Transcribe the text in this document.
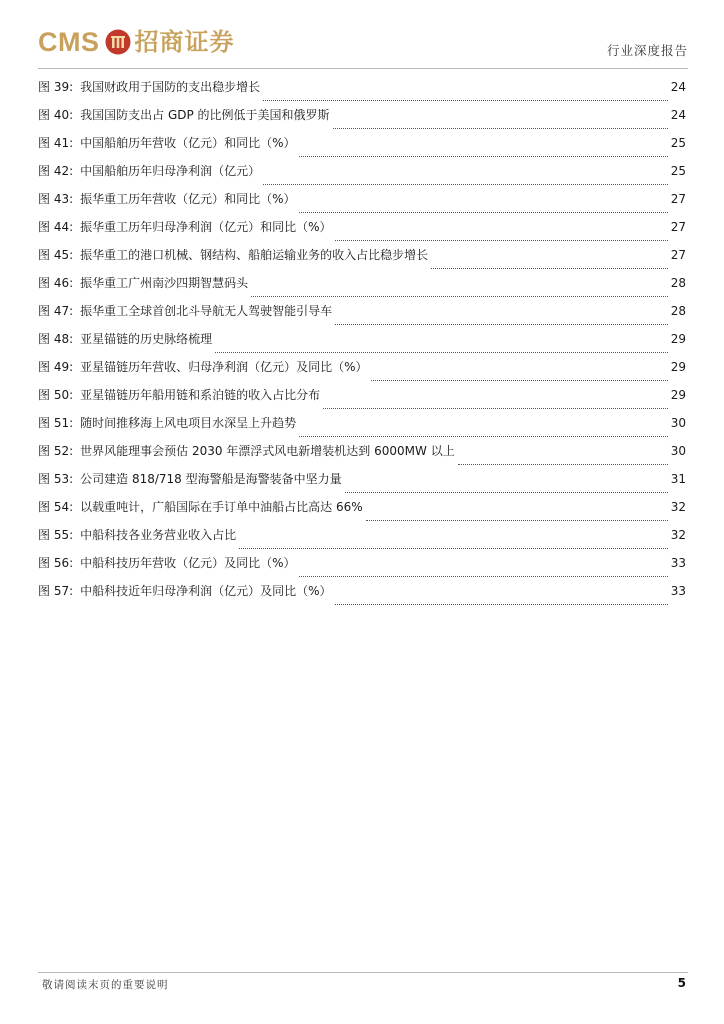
CMS 招商证券	行业深度报告
图 39: 我国财政用于国防的支出稳步增长	24
图 40: 我国国防支出占 GDP 的比例低于美国和俄罗斯	24
图 41: 中国船舶历年营收（亿元）和同比（%）	25
图 42: 中国船舶历年归母净利润（亿元）	25
图 43: 振华重工历年营收（亿元）和同比（%）	27
图 44: 振华重工历年归母净利润（亿元）和同比（%）	27
图 45: 振华重工的港口机械、钢结构、船舶运输业务的收入占比稳步增长	27
图 46: 振华重工广州南沙四期智慧码头	28
图 47: 振华重工全球首创北斗导航无人驾驶智能引导车	28
图 48: 亚星锚链的历史脉络梳理	29
图 49: 亚星锚链历年营收、归母净利润（亿元）及同比（%）	29
图 50: 亚星锚链历年船用链和系泊链的收入占比分布	29
图 51: 随时间推移海上风电项目水深呈上升趋势	30
图 52: 世界风能理事会预估 2030 年漂浮式风电新增装机达到 6000MW 以上	30
图 53: 公司建造 818/718 型海警船是海警装备中坚力量	31
图 54: 以载重吨计，广船国际在手订单中油船占比高达 66%	32
图 55: 中船科技各业务营业收入占比	32
图 56: 中船科技历年营收（亿元）及同比（%）	33
图 57: 中船科技近年归母净利润（亿元）及同比（%）	33
敬请阅读末页的重要说明	5
